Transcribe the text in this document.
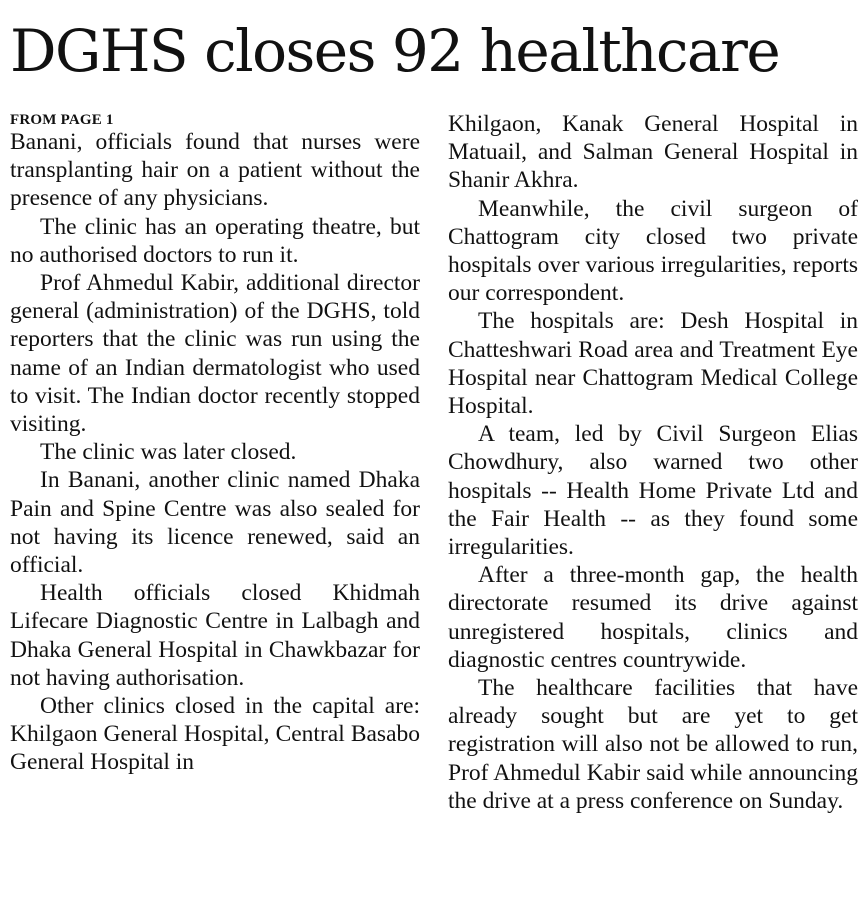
DGHS closes 92 healthcare
FROM PAGE 1

Banani, officials found that nurses were transplanting hair on a patient without the presence of any physicians.

The clinic has an operating theatre, but no authorised doctors to run it.

Prof Ahmedul Kabir, additional director general (administration) of the DGHS, told reporters that the clinic was run using the name of an Indian dermatologist who used to visit. The Indian doctor recently stopped visiting.

The clinic was later closed.

In Banani, another clinic named Dhaka Pain and Spine Centre was also sealed for not having its licence renewed, said an official.

Health officials closed Khidmah Lifecare Diagnostic Centre in Lalbagh and Dhaka General Hospital in Chawkbazar for not having authorisation.

Other clinics closed in the capital are: Khilgaon General Hospital, Central Basabo General Hospital in

Khilgaon, Kanak General Hospital in Matuail, and Salman General Hospital in Shanir Akhra.

Meanwhile, the civil surgeon of Chattogram city closed two private hospitals over various irregularities, reports our correspondent.

The hospitals are: Desh Hospital in Chatteshwari Road area and Treatment Eye Hospital near Chattogram Medical College Hospital.

A team, led by Civil Surgeon Elias Chowdhury, also warned two other hospitals -- Health Home Private Ltd and the Fair Health -- as they found some irregularities.

After a three-month gap, the health directorate resumed its drive against unregistered hospitals, clinics and diagnostic centres countrywide.

The healthcare facilities that have already sought but are yet to get registration will also not be allowed to run, Prof Ahmedul Kabir said while announcing the drive at a press conference on Sunday.
